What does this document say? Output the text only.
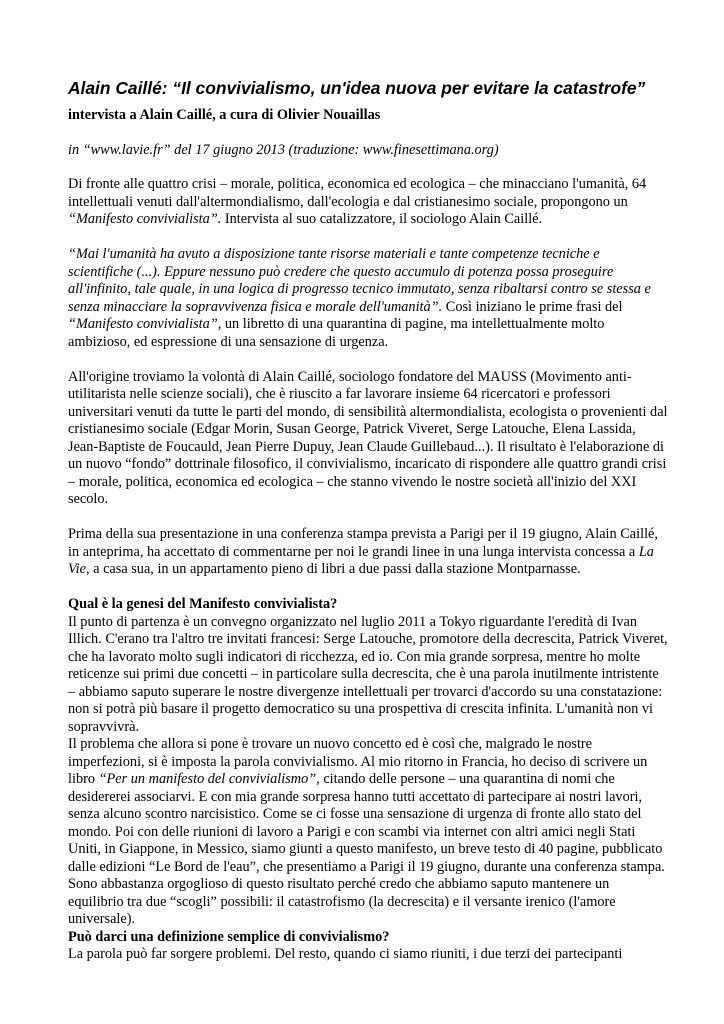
Alain Caillé: “Il convivialismo, un'idea nuova per evitare la catastrofe”

intervista a Alain Caillé, a cura di Olivier Nouaillas

in “www.lavie.fr” del 17 giugno 2013 (traduzione: www.finesettimana.org)

Di fronte alle quattro crisi – morale, politica, economica ed ecologica – che minacciano l'umanità, 64 intellettuali venuti dall'altermondialismo, dall'ecologia e dal cristianesimo sociale, propongono un “Manifesto convivialista”. Intervista al suo catalizzatore, il sociologo Alain Caillé.

“Mai l'umanità ha avuto a disposizione tante risorse materiali e tante competenze tecniche e scientifiche (...). Eppure nessuno può credere che questo accumulo di potenza possa proseguire all'infinito, tale quale, in una logica di progresso tecnico immutato, senza ribaltarsi contro se stessa e senza minacciare la sopravvivenza fisica e morale dell'umanità”. Così iniziano le prime frasi del “Manifesto convivialista”, un libretto di una quarantina di pagine, ma intellettualmente molto ambizioso, ed espressione di una sensazione di urgenza.

All'origine troviamo la volontà di Alain Caillé, sociologo fondatore del MAUSS (Movimento anti-utilitarista nelle scienze sociali), che è riuscito a far lavorare insieme 64 ricercatori e professori universitari venuti da tutte le parti del mondo, di sensibilità altermondialista, ecologista o provenienti dal cristianesimo sociale (Edgar Morin, Susan George, Patrick Viveret, Serge Latouche, Elena Lassida, Jean-Baptiste de Foucauld, Jean Pierre Dupuy, Jean Claude Guillebaud...). Il risultato è l'elaborazione di un nuovo “fondo” dottrinale filosofico, il convivialismo, incaricato di rispondere alle quattro grandi crisi – morale, politica, economica ed ecologica – che stanno vivendo le nostre società all'inizio del XXI secolo.

Prima della sua presentazione in una conferenza stampa prevista a Parigi per il 19 giugno, Alain Caillé, in anteprima, ha accettato di commentarne per noi le grandi linee in una lunga intervista concessa a La Vie, a casa sua, in un appartamento pieno di libri a due passi dalla stazione Montparnasse.

Qual è la genesi del Manifesto convivialista?

Il punto di partenza è un convegno organizzato nel luglio 2011 a Tokyo riguardante l'eredità di Ivan Illich. C'erano tra l'altro tre invitati francesi: Serge Latouche, promotore della decrescita, Patrick Viveret, che ha lavorato molto sugli indicatori di ricchezza, ed io. Con mia grande sorpresa, mentre ho molte reticenze sui primi due concetti – in particolare sulla decrescita, che è una parola inutilmente intristente – abbiamo saputo superare le nostre divergenze intellettuali per trovarci d'accordo su una constatazione: non si potrà più basare il progetto democratico su una prospettiva di crescita infinita. L'umanità non vi sopravvivrà.

Il problema che allora si pone è trovare un nuovo concetto ed è così che, malgrado le nostre imperfezioni, si è imposta la parola convivialismo. Al mio ritorno in Francia, ho deciso di scrivere un libro “Per un manifesto del convivialismo”, citando delle persone – una quarantina di nomi che desidererei associarvi. E con mia grande sorpresa hanno tutti accettato di partecipare ai nostri lavori, senza alcuno scontro narcisistico. Come se ci fosse una sensazione di urgenza di fronte allo stato del mondo. Poi con delle riunioni di lavoro a Parigi e con scambi via internet con altri amici negli Stati Uniti, in Giappone, in Messico, siamo giunti a questo manifesto, un breve testo di 40 pagine, pubblicato dalle edizioni “Le Bord de l'eau”, che presentiamo a Parigi il 19 giugno, durante una conferenza stampa. Sono abbastanza orgoglioso di questo risultato perché credo che abbiamo saputo mantenere un equilibrio tra due “scogli” possibili: il catastrofismo (la decrescita) e il versante irenico (l'amore universale).

Può darci una definizione semplice di convivialismo?

La parola può far sorgere problemi. Del resto, quando ci siamo riuniti, i due terzi dei partecipanti
